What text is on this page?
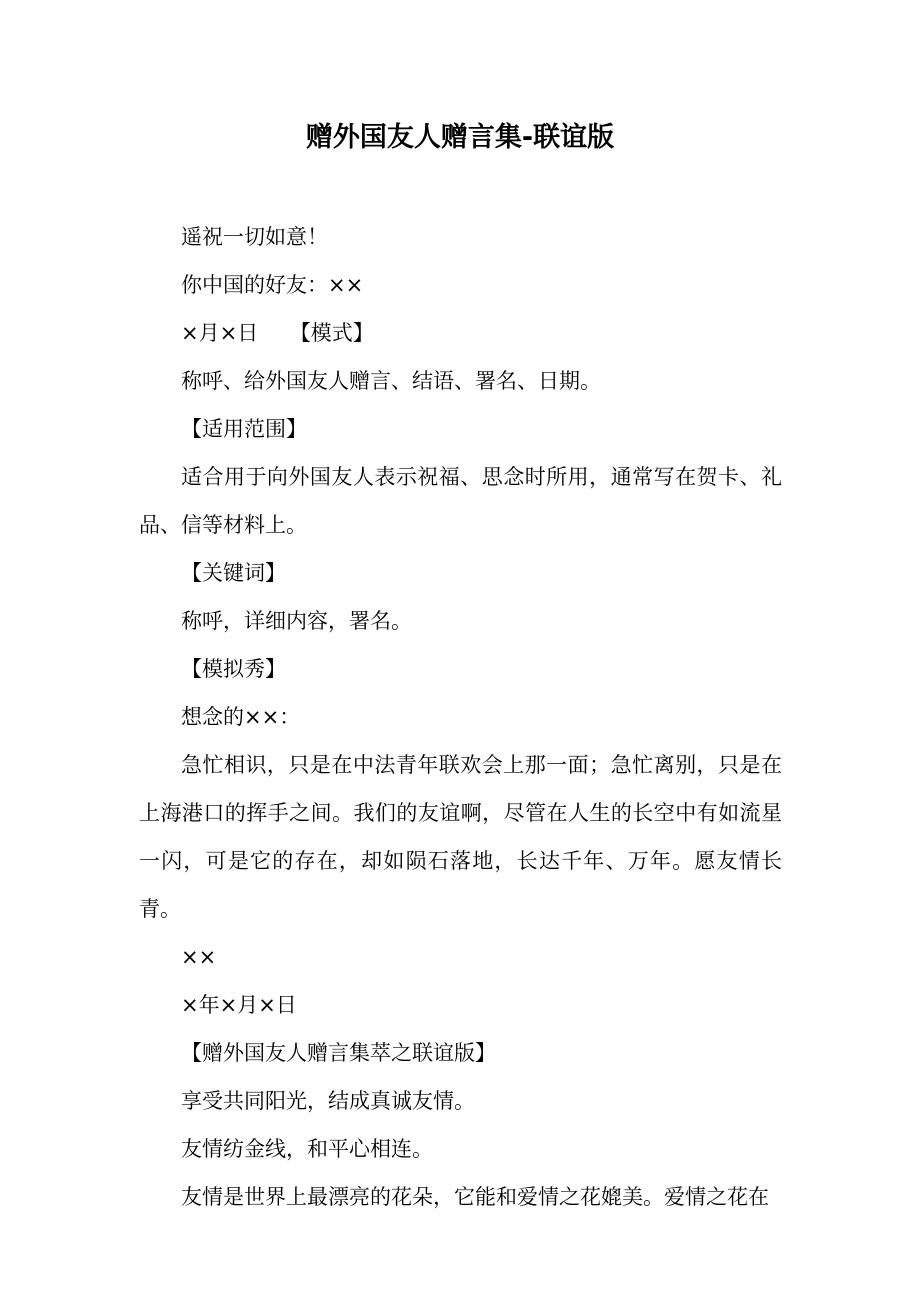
赠外国友人赠言集-联谊版

遥祝一切如意！

你中国的好友：××

×月×日　　【模式】

称呼、给外国友人赠言、结语、署名、日期。

【适用范围】

适合用于向外国友人表示祝福、思念时所用，通常写在贺卡、礼品、信等材料上。

【关键词】

称呼，详细内容，署名。

【模拟秀】

想念的××：

急忙相识，只是在中法青年联欢会上那一面；急忙离别，只是在上海港口的挥手之间。我们的友谊啊，尽管在人生的长空中有如流星一闪，可是它的存在，却如陨石落地，长达千年、万年。愿友情长青。

××

×年×月×日

【赠外国友人赠言集萃之联谊版】

享受共同阳光，结成真诚友情。

友情纺金线，和平心相连。

友情是世界上最漂亮的花朵，它能和爱情之花媲美。爱情之花在
